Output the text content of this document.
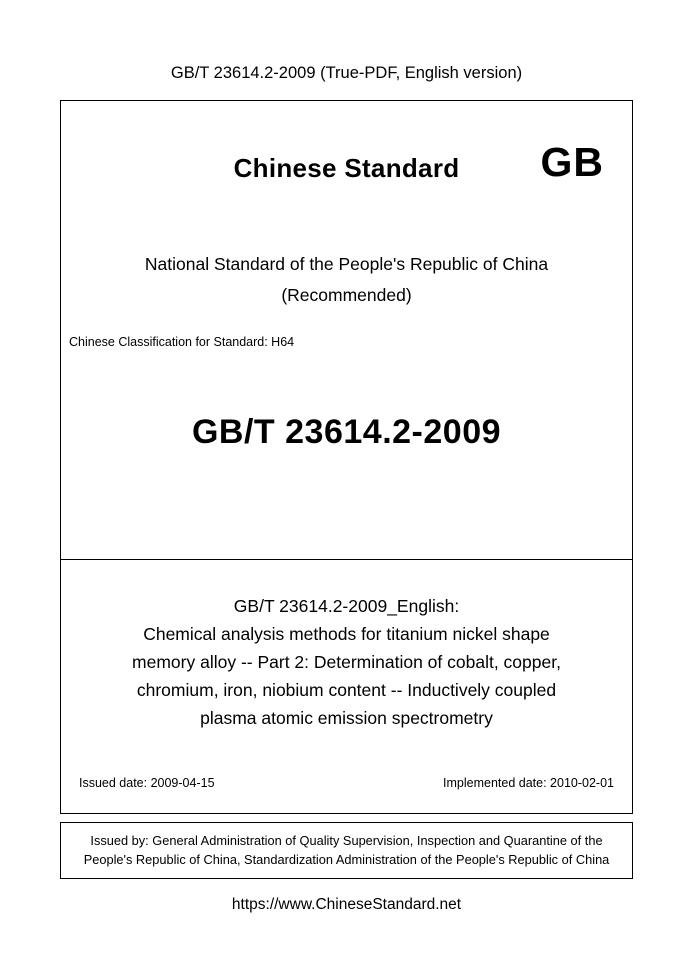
GB/T 23614.2-2009 (True-PDF, English version)
Chinese Standard	GB
National Standard of the People's Republic of China
(Recommended)
Chinese Classification for Standard: H64
GB/T 23614.2-2009
GB/T 23614.2-2009_English:
Chemical analysis methods for titanium nickel shape
memory alloy -- Part 2: Determination of cobalt, copper,
chromium, iron, niobium content -- Inductively coupled
plasma atomic emission spectrometry
Issued date: 2009-04-15	Implemented date: 2010-02-01
Issued by: General Administration of Quality Supervision, Inspection and Quarantine of the People's Republic of China, Standardization Administration of the People's Republic of China
https://www.ChineseStandard.net
